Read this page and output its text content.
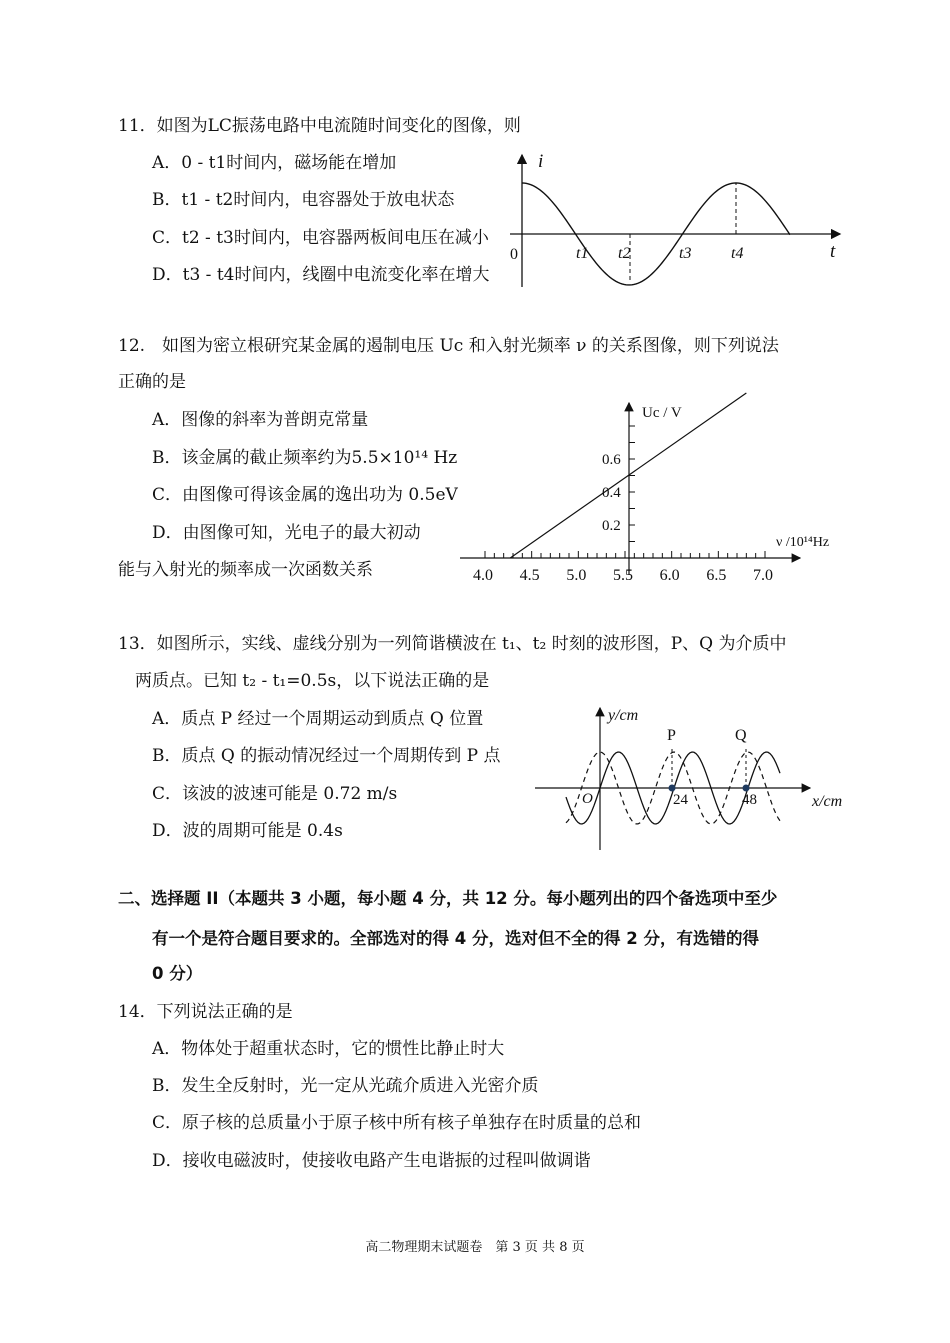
11．如图为LC振荡电路中电流随时间变化的图像，则
A．0 - t1时间内，磁场能在增加
B．t1 - t2时间内，电容器处于放电状态
C．t2 - t3时间内，电容器两板间电压在减小
D．t3 - t4时间内，线圈中电流变化率在增大
i
t
0	t1 t2	t3 t4
12.　如图为密立根研究某金属的遏制电压 Uc 和入射光频率 ν 的关系图像，则下列说法
正确的是
A．图像的斜率为普朗克常量
B．该金属的截止频率约为5.5×10¹⁴ Hz
C．由图像可得该金属的逸出功为 0.5eV
D．由图像可知，光电子的最大初动
能与入射光的频率成一次函数关系	4.0 4.5 5.0 5.5 6.0 6.5 7.0
0.2
0.4
0.6
Uc / V
ν /10¹⁴Hz
13．如图所示，实线、虚线分别为一列简谐横波在 t₁、t₂ 时刻的波形图，P、Q 为介质中
两质点。已知 t₂ - t₁=0.5s，以下说法正确的是
A．质点 P 经过一个周期运动到质点 Q 位置
B．质点 Q 的振动情况经过一个周期传到 P 点
C．该波的波速可能是 0.72 m/s
D．波的周期可能是 0.4s
y/cm
x/cm
O
P	Q
24	48
二、选择题 II（本题共 3 小题，每小题 4 分，共 12 分。每小题列出的四个备选项中至少
有一个是符合题目要求的。全部选对的得 4 分，选对但不全的得 2 分，有选错的得
0 分）
14．下列说法正确的是
A．物体处于超重状态时，它的惯性比静止时大
B．发生全反射时，光一定从光疏介质进入光密介质
C．原子核的总质量小于原子核中所有核子单独存在时质量的总和
D．接收电磁波时，使接收电路产生电谐振的过程叫做调谐
高二物理期末试题卷　第 3 页 共 8 页
